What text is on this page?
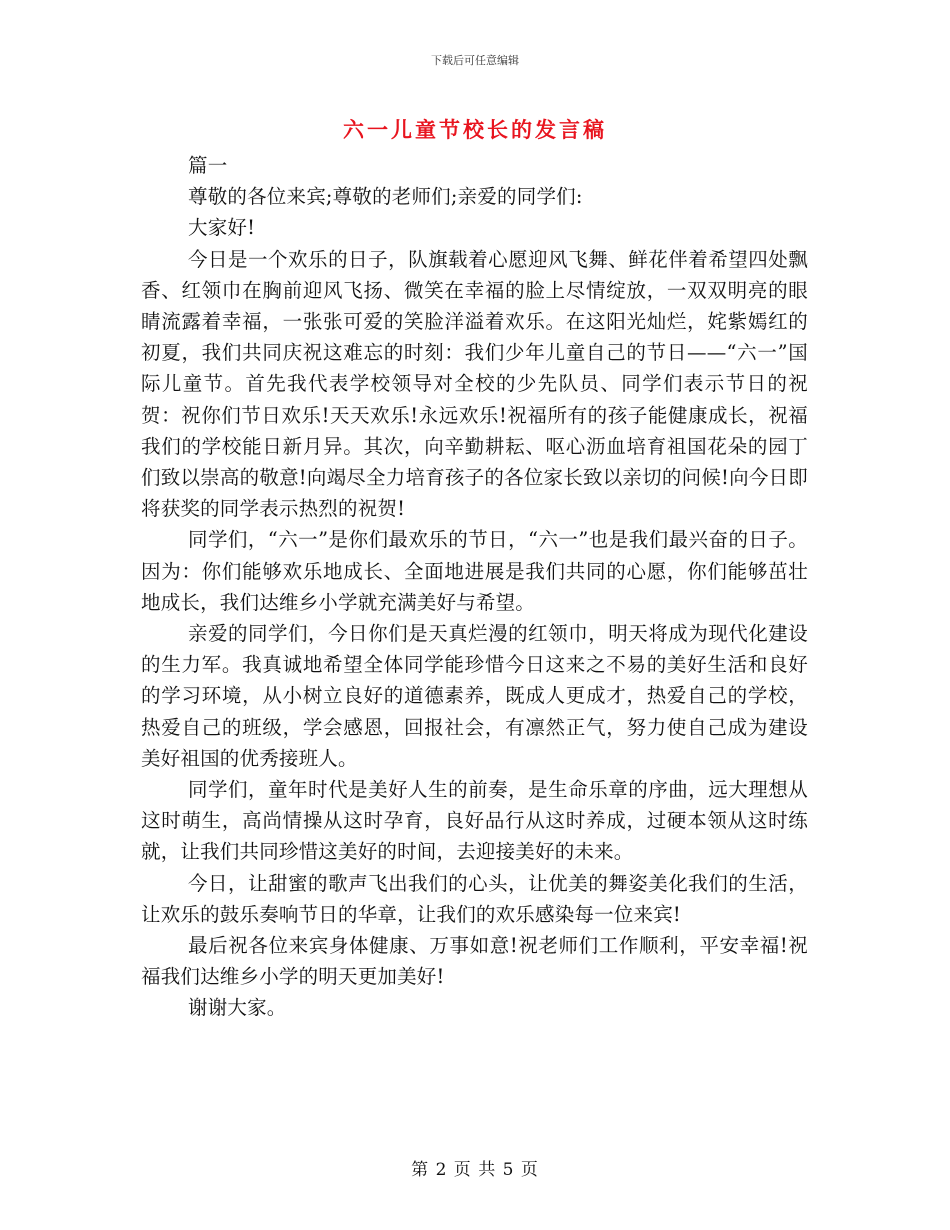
下载后可任意编辑
六一儿童节校长的发言稿

篇一

尊敬的各位来宾;尊敬的老师们;亲爱的同学们:

大家好!

今日是一个欢乐的日子，队旗载着心愿迎风飞舞、鲜花伴着希望四处飘香、红领巾在胸前迎风飞扬、微笑在幸福的脸上尽情绽放，一双双明亮的眼睛流露着幸福，一张张可爱的笑脸洋溢着欢乐。在这阳光灿烂，姹紫嫣红的初夏，我们共同庆祝这难忘的时刻：我们少年儿童自己的节日——“六一”国际儿童节。首先我代表学校领导对全校的少先队员、同学们表示节日的祝贺：祝你们节日欢乐!天天欢乐!永远欢乐!祝福所有的孩子能健康成长，祝福我们的学校能日新月异。其次，向辛勤耕耘、呕心沥血培育祖国花朵的园丁们致以崇高的敬意!向竭尽全力培育孩子的各位家长致以亲切的问候!向今日即将获奖的同学表示热烈的祝贺!

同学们，“六一”是你们最欢乐的节日，“六一”也是我们最兴奋的日子。因为：你们能够欢乐地成长、全面地进展是我们共同的心愿，你们能够茁壮地成长，我们达维乡小学就充满美好与希望。

亲爱的同学们，今日你们是天真烂漫的红领巾，明天将成为现代化建设的生力军。我真诚地希望全体同学能珍惜今日这来之不易的美好生活和良好的学习环境，从小树立良好的道德素养，既成人更成才，热爱自己的学校，热爱自己的班级，学会感恩，回报社会，有凛然正气，努力使自己成为建设美好祖国的优秀接班人。

同学们，童年时代是美好人生的前奏，是生命乐章的序曲，远大理想从这时萌生，高尚情操从这时孕育，良好品行从这时养成，过硬本领从这时练就，让我们共同珍惜这美好的时间，去迎接美好的未来。

今日，让甜蜜的歌声飞出我们的心头，让优美的舞姿美化我们的生活，让欢乐的鼓乐奏响节日的华章，让我们的欢乐感染每一位来宾!

最后祝各位来宾身体健康、万事如意!祝老师们工作顺利，平安幸福!祝福我们达维乡小学的明天更加美好!

谢谢大家。

第 2 页 共 5 页
